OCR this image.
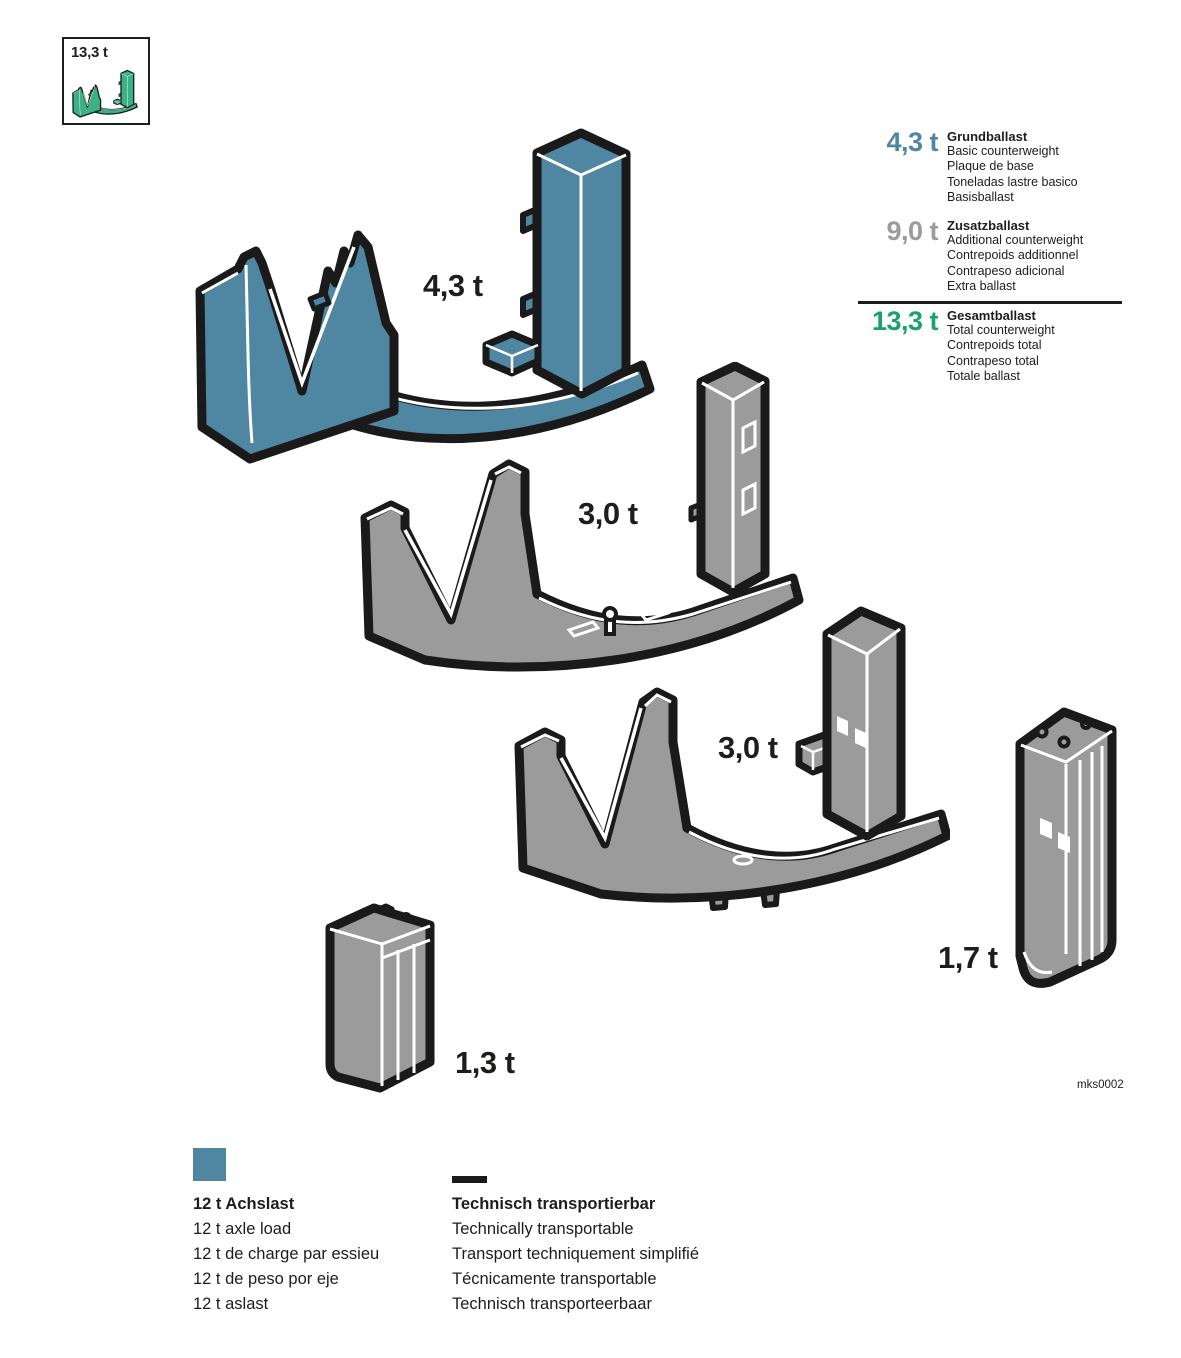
13,3 t
4,3 t
3,0 t
3,0 t
1,3 t
1,7 t
4,3 t Grundballast
Basic counterweight
Plaque de base
Toneladas lastre basico
Basisballast
9,0 t Zusatzballast
Additional counterweight
Contrepoids additionnel
Contrapeso adicional
Extra ballast
13,3 t Gesamtballast
Total counterweight
Contrepoids total
Contrapeso total
Totale ballast
mks0002
12 t Achslast
12 t axle load
12 t de charge par essieu
12 t de peso por eje
12 t aslast
Technisch transportierbar
Technically transportable
Transport techniquement simplifié
Técnicamente transportable
Technisch transporteerbaar
